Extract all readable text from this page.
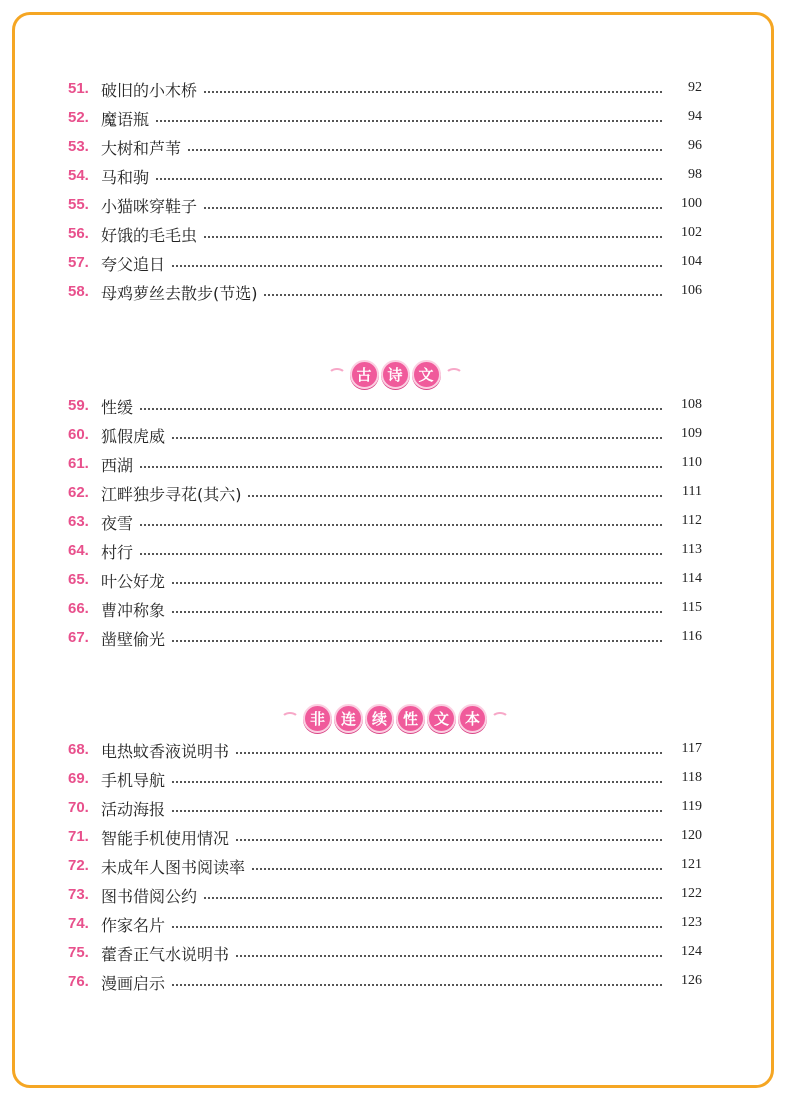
51. 破旧的小木桥	92
52. 魔语瓶	94
53. 大树和芦苇	96
54. 马和驹	98
55. 小猫咪穿鞋子	100
56. 好饿的毛毛虫	102
57. 夸父追日	104
58. 母鸡萝丝去散步(节选)	106
古	诗	文
59. 性缓	108
60. 狐假虎威	109
61. 西湖	110
62. 江畔独步寻花(其六)	111
63. 夜雪	112
64. 村行	113
65. 叶公好龙	114
66. 曹冲称象	115
67. 凿壁偷光	116
非	连	续	性	文	本
68. 电热蚊香液说明书	117
69. 手机导航	118
70. 活动海报	119
71. 智能手机使用情况	120
72. 未成年人图书阅读率	121
73. 图书借阅公约	122
74. 作家名片	123
75. 藿香正气水说明书	124
76. 漫画启示	126
